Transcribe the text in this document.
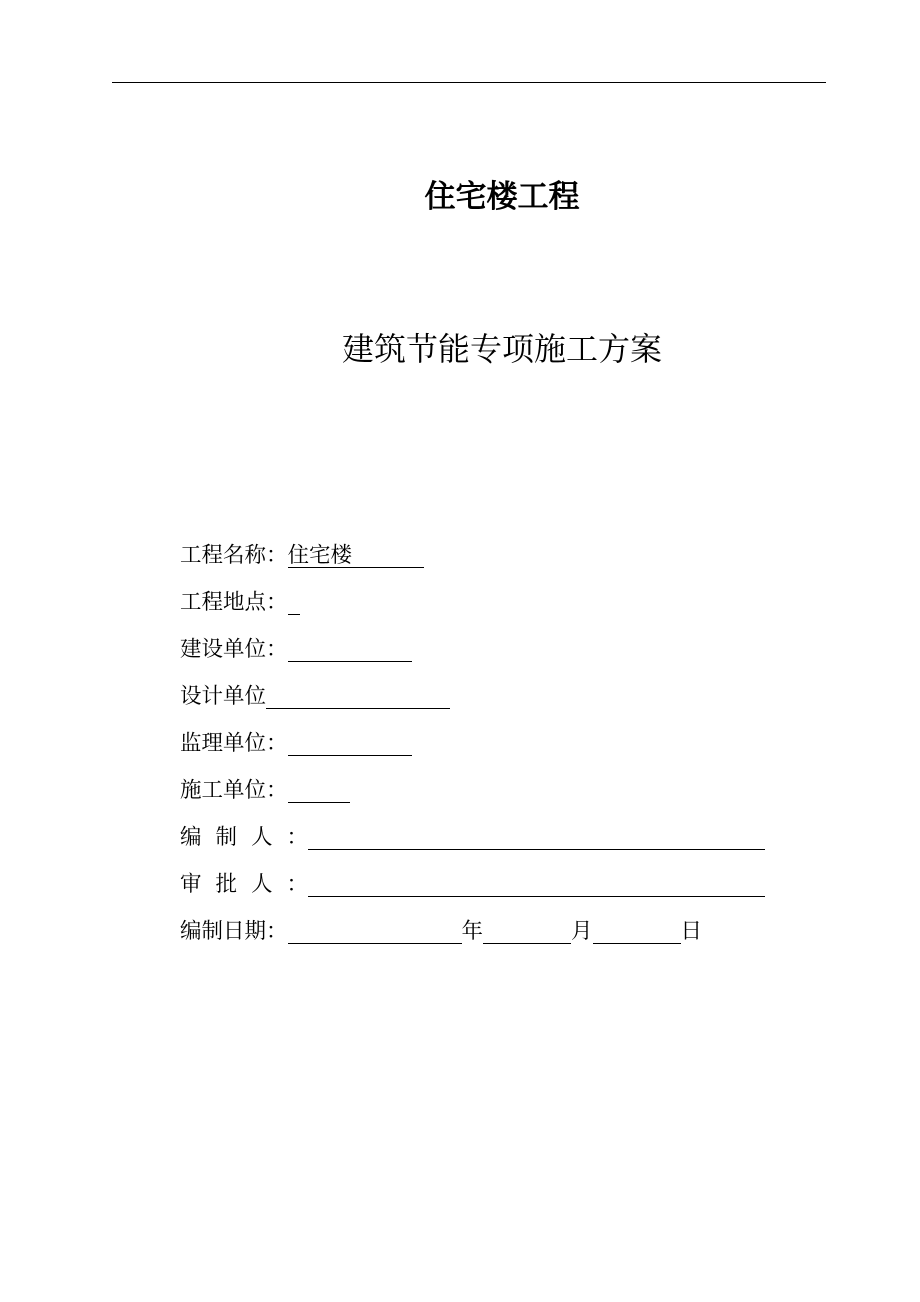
住宅楼工程
建筑节能专项施工方案
工程名称：住宅楼
工程地点：
建设单位：
设计单位
监理单位：
施工单位：
编制人：
审批人：
编制日期：	年	月	日
